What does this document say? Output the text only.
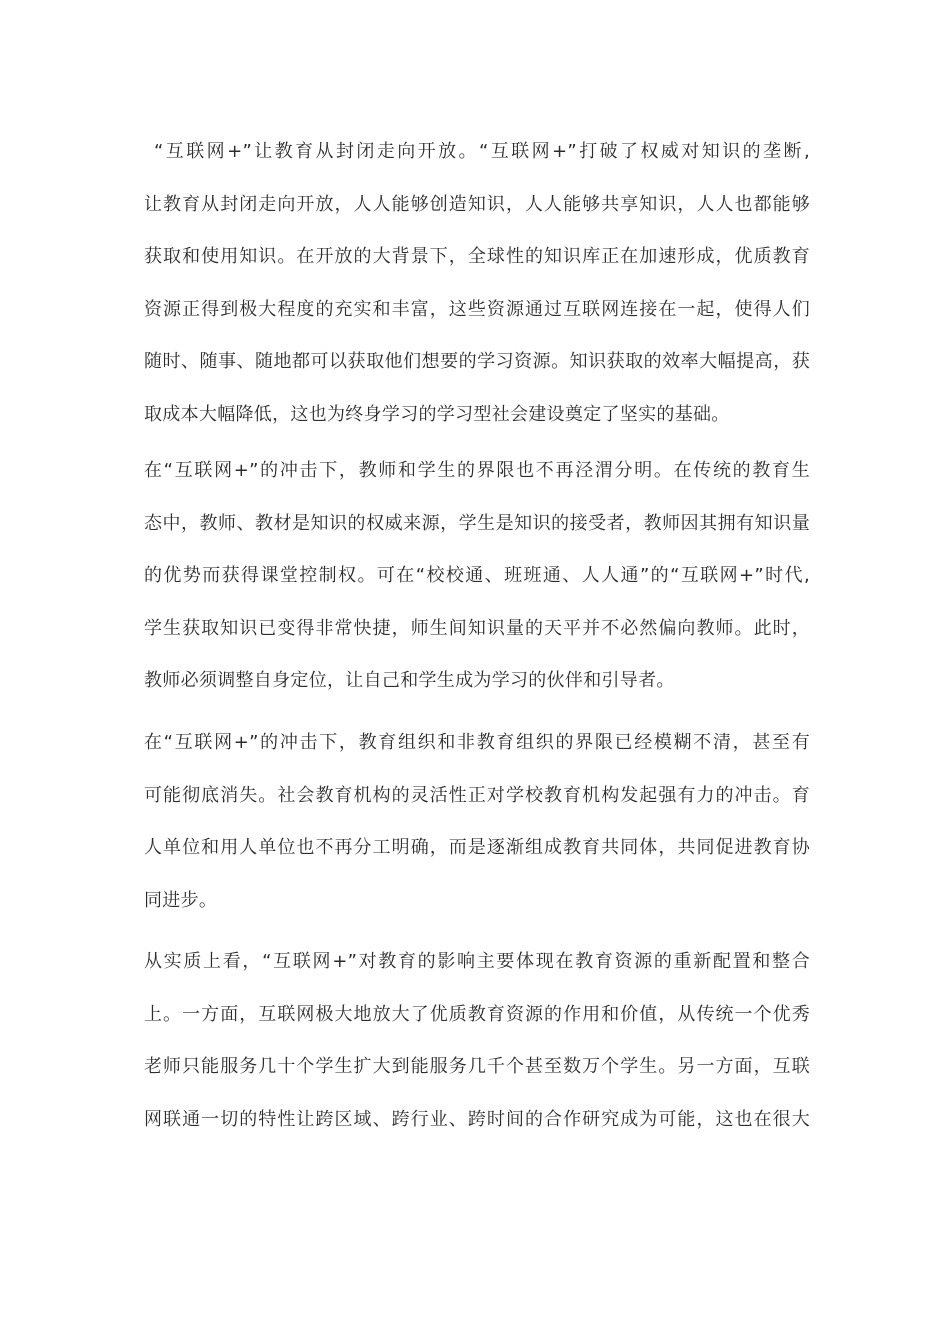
“互联网+”让教育从封闭走向开放。“互联网+”打破了权威对知识的垄断,
让教育从封闭走向开放，人人能够创造知识，人人能够共享知识，人人也都能够
获取和使用知识。在开放的大背景下，全球性的知识库正在加速形成，优质教育
资源正得到极大程度的充实和丰富，这些资源通过互联网连接在一起，使得人们
随时、随事、随地都可以获取他们想要的学习资源。知识获取的效率大幅提高，获
取成本大幅降低，这也为终身学习的学习型社会建设奠定了坚实的基础。
在“互联网+”的冲击下，教师和学生的界限也不再泾渭分明。在传统的教育生
态中，教师、教材是知识的权威来源，学生是知识的接受者，教师因其拥有知识量
的优势而获得课堂控制权。可在“校校通、班班通、人人通”的“互联网+”时代,
学生获取知识已变得非常快捷，师生间知识量的天平并不必然偏向教师。此时，
教师必须调整自身定位，让自己和学生成为学习的伙伴和引导者。
在“互联网+”的冲击下，教育组织和非教育组织的界限已经模糊不清，甚至有
可能彻底消失。社会教育机构的灵活性正对学校教育机构发起强有力的冲击。育
人单位和用人单位也不再分工明确，而是逐渐组成教育共同体，共同促进教育协
同进步。
从实质上看，“互联网+”对教育的影响主要体现在教育资源的重新配置和整合
上。一方面，互联网极大地放大了优质教育资源的作用和价值，从传统一个优秀
老师只能服务几十个学生扩大到能服务几千个甚至数万个学生。另一方面，互联
网联通一切的特性让跨区域、跨行业、跨时间的合作研究成为可能，这也在很大
